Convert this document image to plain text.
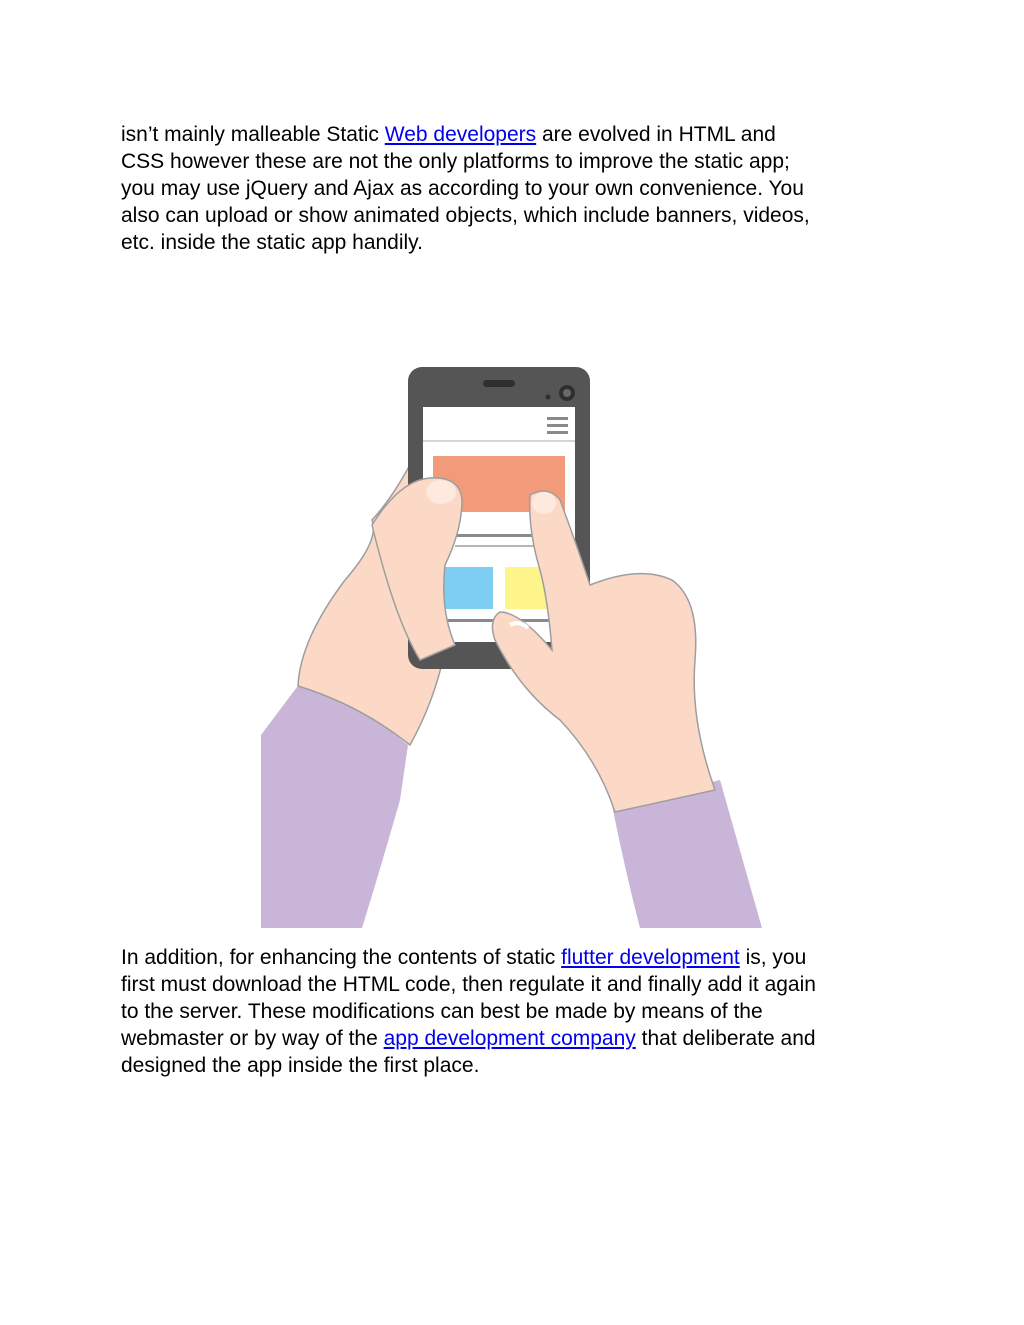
isn’t mainly malleable Static Web developers are evolved in HTML and
CSS however these are not the only platforms to improve the static app;
you may use jQuery and Ajax as according to your own convenience. You
also can upload or show animated objects, which include banners, videos,
etc. inside the static app handily.
In addition, for enhancing the contents of static flutter development is, you
first must download the HTML code, then regulate it and finally add it again
to the server. These modifications can best be made by means of the
webmaster or by way of the app development company that deliberate and
designed the app inside the first place.
